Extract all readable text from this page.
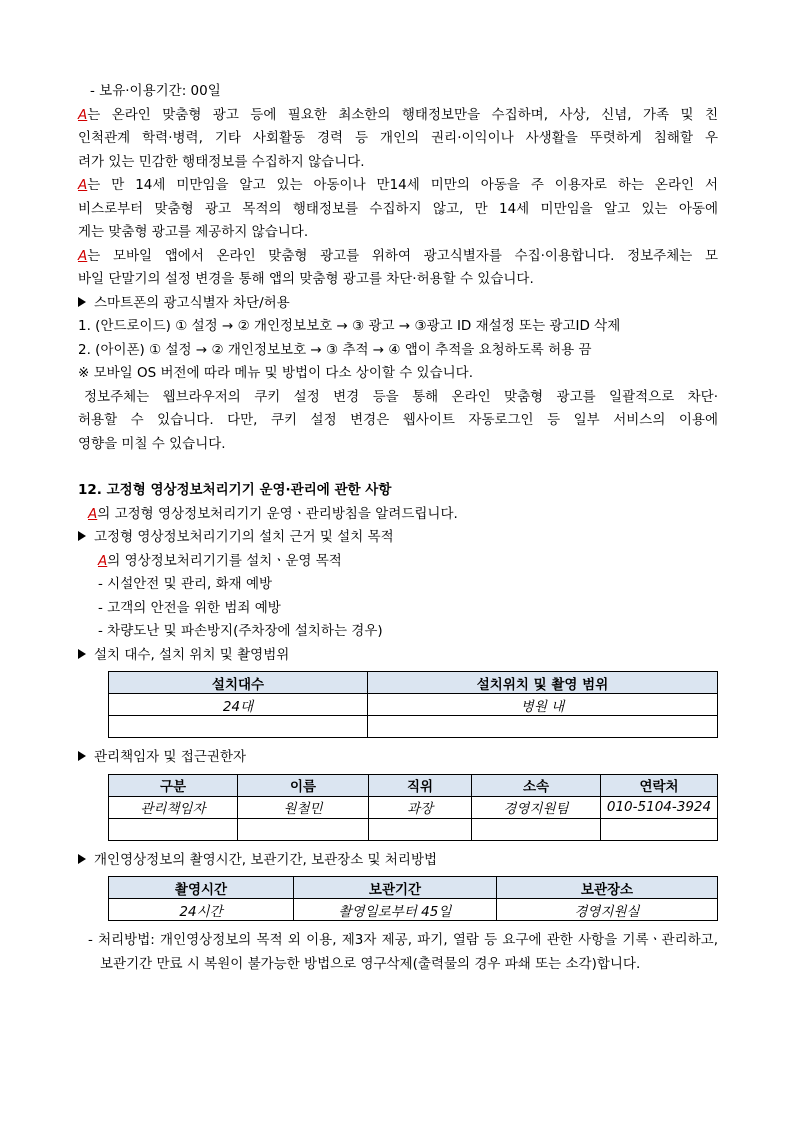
- 보유·이용기간: 00일
A는 온라인 맞춤형 광고 등에 필요한 최소한의 행태정보만을 수집하며, 사상, 신념, 가족 및 친
인척관계 학력·병력, 기타 사회활동 경력 등 개인의 권리·이익이나 사생활을 뚜렷하게 침해할 우
려가 있는 민감한 행태정보를 수집하지 않습니다.
A는 만 14세 미만임을 알고 있는 아동이나 만14세 미만의 아동을 주 이용자로 하는 온라인 서
비스로부터 맞춤형 광고 목적의 행태정보를 수집하지 않고, 만 14세 미만임을 알고 있는 아동에
게는 맞춤형 광고를 제공하지 않습니다.
A는 모바일 앱에서 온라인 맞춤형 광고를 위하여 광고식별자를 수집·이용합니다. 정보주체는 모
바일 단말기의 설정 변경을 통해 앱의 맞춤형 광고를 차단·허용할 수 있습니다.
스마트폰의 광고식별자 차단/허용
1. (안드로이드) ① 설정 → ② 개인정보보호 → ③ 광고 → ③광고 ID 재설정 또는 광고ID 삭제
2. (아이폰) ① 설정 → ② 개인정보보호 → ③ 추적 → ④ 앱이 추적을 요청하도록 허용 끔
※ 모바일 OS 버전에 따라 메뉴 및 방법이 다소 상이할 수 있습니다.
정보주체는 웹브라우저의 쿠키 설정 변경 등을 통해 온라인 맞춤형 광고를 일괄적으로 차단·
허용할 수 있습니다. 다만, 쿠키 설정 변경은 웹사이트 자동로그인 등 일부 서비스의 이용에
영향을 미칠 수 있습니다.
12. 고정형 영상정보처리기기 운영·관리에 관한 사항
A의 고정형 영상정보처리기기 운영ㆍ관리방침을 알려드립니다.
고정형 영상정보처리기기의 설치 근거 및 설치 목적
A의 영상정보처리기기를 설치ㆍ운영 목적
- 시설안전 및 관리, 화재 예방
- 고객의 안전을 위한 범죄 예방
- 차량도난 및 파손방지(주차장에 설치하는 경우)
설치 대수, 설치 위치 및 촬영범위
설치대수	설치위치 및 촬영 범위
24대	병원 내

관리책임자 및 접근권한자
구분	이름	직위	소속	연락처
관리책임자	원철민	과장	경영지원팀	010-5104-3924

개인영상정보의 촬영시간, 보관기간, 보관장소 및 처리방법
촬영시간	보관기간	보관장소
24시간	촬영일로부터 45일	경영지원실
- 처리방법: 개인영상정보의 목적 외 이용, 제3자 제공, 파기, 열람 등 요구에 관한 사항을 기록ㆍ관리하고, 보관기간 만료 시 복원이 불가능한 방법으로 영구삭제(출력물의 경우 파쇄 또는 소각)합니다.
